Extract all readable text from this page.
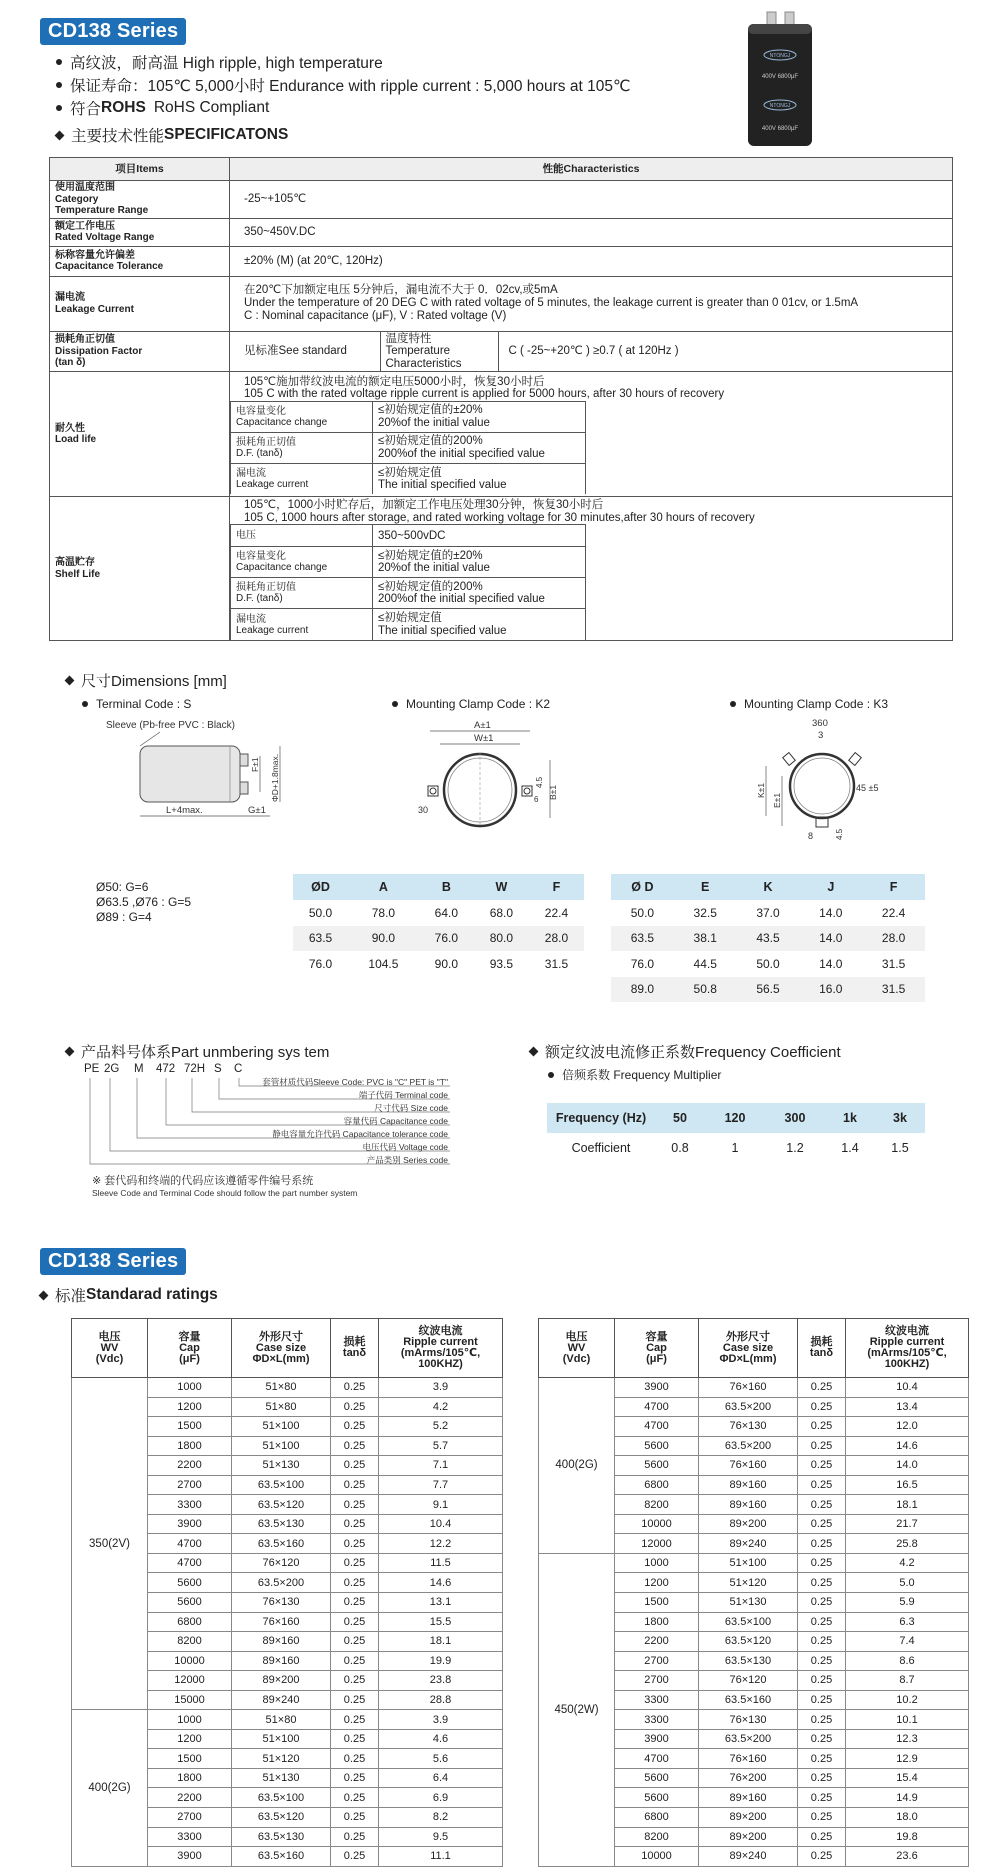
CD138 Series
高纹波，耐高温 High ripple, high temperature
保证寿命：105℃ 5,000小时 Endurance with ripple current : 5,000 hours at 105℃
符合 ROHS RoHS Compliant
主要技术性能 SPECIFICATONS
NTONGJ
400V 6800μF
NTONGJ
400V 6800μF
项目Items	性能Characteristics
使用温度范围
Category
Temperature Range	-25~+105℃
额定工作电压
Rated Voltage Range	350~450V.DC
标称容量允许偏差
Capacitance Tolerance	±20% (M) (at 20℃, 120Hz)
漏电流
Leakage Current	在20℃下加额定电压 5分钟后，漏电流不大于 0．02cv,或5mA
Under the temperature of 20 DEG C with rated voltage of 5 minutes, the leakage current is greater than 0 01cv, or 1.5mA
C : Nominal capacitance (μF), V : Rated voltage (V)
损耗角正切值
Dissipation Factor
(tan δ)	
见标准See standard	温度特性
Temperature
Characteristics	C ( -25~+20℃ ) ≥0.7 ( at 120Hz )

耐久性
Load life	
105℃施加带纹波电流的额定电压5000小时，恢复30小时后
105 C with the rated voltage ripple current is applied for 5000 hours, after 30 hours of recovery
电容量变化
Capacitance change	≤初始规定值的±20%
20%of the initial value
损耗角正切值
D.F. (tanδ)	≤初始规定值的200%
200%of the initial specified value
漏电流
Leakage current	≤初始规定值
The initial specified value

高温贮存
Shelf Life	
105℃，1000小时贮存后，加额定工作电压处理30分钟，恢复30小时后
105 C, 1000 hours after storage, and rated working voltage for 30 minutes,after 30 hours of recovery
电压	350~500vDC
电容量变化
Capacitance change	≤初始规定值的±20%
20%of the initial value
损耗角正切值
D.F. (tanδ)	≤初始规定值的200%
200%of the initial specified value
漏电流
Leakage current	≤初始规定值
The initial specified value
尺寸Dimensions [mm]
Terminal Code : S	Mounting Clamp Code : K2	Mounting Clamp Code : K3
Sleeve (Pb-free PVC : Black)
L+4max.	G±1
F±1 ΦD+1.8max.
A±1
W±1
30
4.5
6 B±1
360
3
45 ±5
K±1
E±1
8	4.5
Ø50: G=6
Ø63.5 ,Ø76 : G=5
Ø89 : G=4
ØD	A	B	W	F
50.0	78.0	64.0	68.0	22.4
63.5	90.0	76.0	80.0	28.0
76.0	104.5	90.0	93.5	31.5
Ø D	E	K	J	F
50.0	32.5	37.0	14.0	22.4
63.5	38.1	43.5	14.0	28.0
76.0	44.5	50.0	14.0	31.5
89.0	50.8	56.5	16.0	31.5
产品料号体系Part unmbering sys tem
PE 2G M 472 72H S C
套管材质代码Sleeve Code: PVC is "C" PET is "T"
端子代码 Terminal code
尺寸代码 Size code
容量代码 Capacitance code
静电容量允许代码 Capacitance tolerance code
电压代码 Voltage code
产品类别 Series code
※ 套代码和终端的代码应该遵循零件编号系统
Sleeve Code and Terminal Code should follow the part number system
额定纹波电流修正系数Frequency Coefficient
倍频系数 Frequency Multiplier
Frequency (Hz)	50	120	300	1k	3k
Coefficient	0.8	1	1.2	1.4	1.5
CD138 Series
标准 Standarad ratings
电压
WV
(Vdc)	容量
Cap
(μF)	外形尺寸
Case size
ΦD×L(mm)	损耗
tanδ	纹波电流
Ripple current
(mArms/105℃,
100KHZ)
350(2V)	1000	51×80	0.25	3.9
	1200	51×80	0.25	4.2
	1500	51×100	0.25	5.2
	1800	51×100	0.25	5.7
	2200	51×130	0.25	7.1
	2700	63.5×100	0.25	7.7
	3300	63.5×120	0.25	9.1
	3900	63.5×130	0.25	10.4
	4700	63.5×160	0.25	12.2
	4700	76×120	0.25	11.5
	5600	63.5×200	0.25	14.6
	5600	76×130	0.25	13.1
	6800	76×160	0.25	15.5
	8200	89×160	0.25	18.1
	10000	89×160	0.25	19.9
	12000	89×200	0.25	23.8
	15000	89×240	0.25	28.8
400(2G)	1000	51×80	0.25	3.9
	1200	51×100	0.25	4.6
	1500	51×120	0.25	5.6
	1800	51×130	0.25	6.4
	2200	63.5×100	0.25	6.9
	2700	63.5×120	0.25	8.2
	3300	63.5×130	0.25	9.5
	3900	63.5×160	0.25	11.1
电压
WV
(Vdc)	容量
Cap
(μF)	外形尺寸
Case size
ΦD×L(mm)	损耗
tanδ	纹波电流
Ripple current
(mArms/105℃,
100KHZ)
400(2G)	3900	76×160	0.25	10.4
	4700	63.5×200	0.25	13.4
	4700	76×130	0.25	12.0
	5600	63.5×200	0.25	14.6
	5600	76×160	0.25	14.0
	6800	89×160	0.25	16.5
	8200	89×160	0.25	18.1
	10000	89×200	0.25	21.7
	12000	89×240	0.25	25.8
450(2W)	1000	51×100	0.25	4.2
	1200	51×120	0.25	5.0
	1500	51×130	0.25	5.9
	1800	63.5×100	0.25	6.3
	2200	63.5×120	0.25	7.4
	2700	63.5×130	0.25	8.6
	2700	76×120	0.25	8.7
	3300	63.5×160	0.25	10.2
	3300	76×130	0.25	10.1
	3900	63.5×200	0.25	12.3
	4700	76×160	0.25	12.9
	5600	76×200	0.25	15.4
	5600	89×160	0.25	14.9
	6800	89×200	0.25	18.0
	8200	89×200	0.25	19.8
	10000	89×240	0.25	23.6
